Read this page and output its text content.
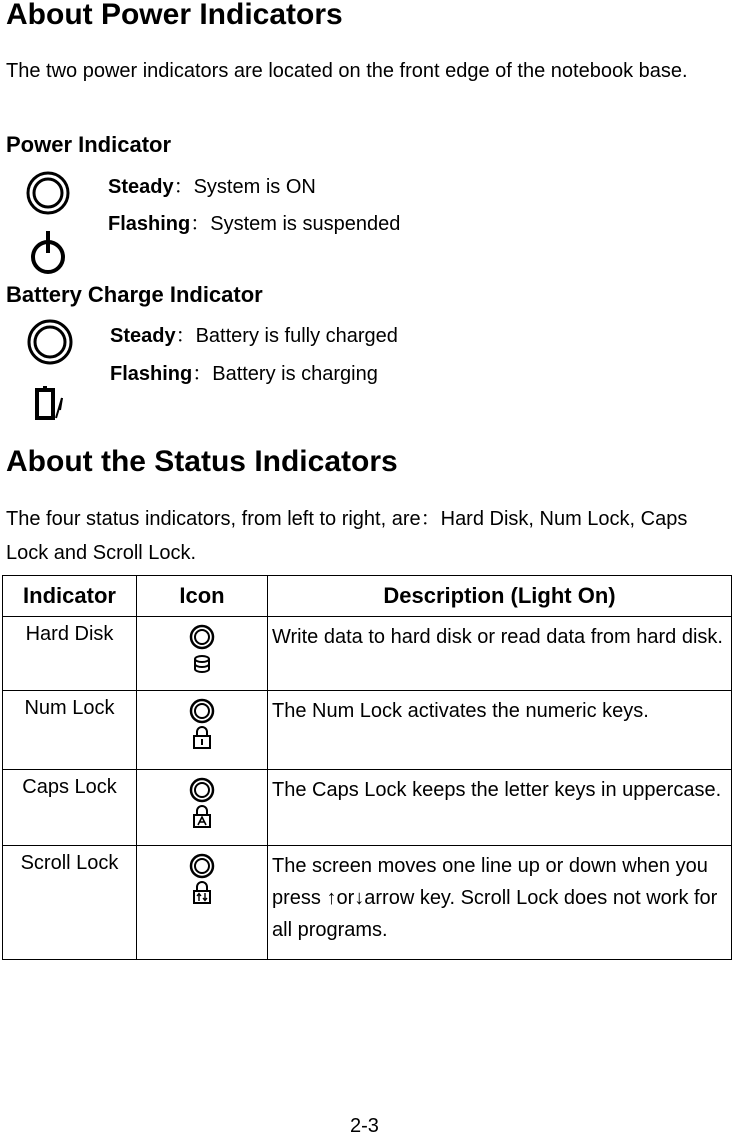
About Power Indicators
The two power indicators are located on the front edge of the notebook base.
Power Indicator
Steady：System is ON
Flashing：System is suspended
Battery Charge Indicator
Steady：Battery is fully charged
Flashing：Battery is charging
About the Status Indicators
The four status indicators, from left to right, are：Hard Disk, Num Lock, Caps Lock and Scroll Lock.
Indicator	Icon	Description (Light On)
Hard Disk		Write data to hard disk or read data from hard disk.
Num Lock		The Num Lock activates the numeric keys.
Caps Lock		The Caps Lock keeps the letter keys in uppercase.
Scroll Lock		The screen moves one line up or down when you press ↑or↓arrow key. Scroll Lock does not work for all programs.
2-3
